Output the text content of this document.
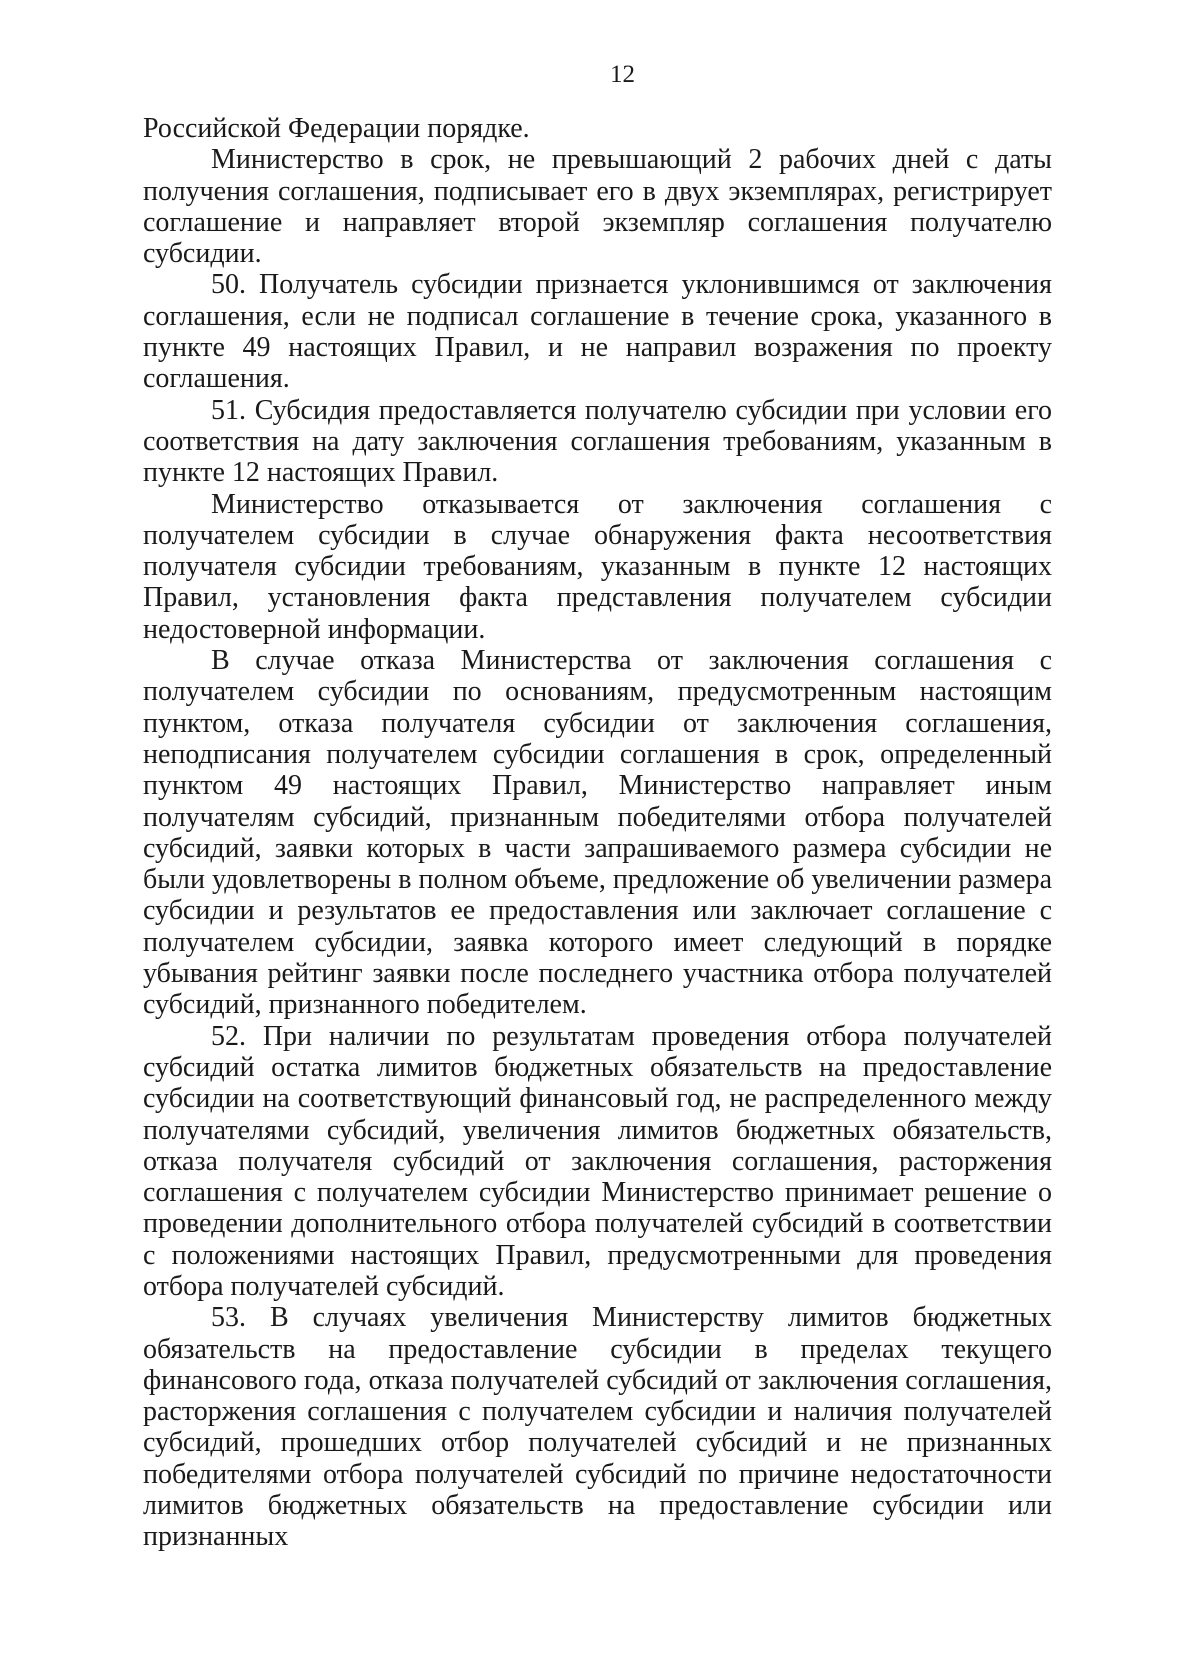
12

Российской Федерации порядке.

Министерство в срок, не превышающий 2 рабочих дней с даты получения соглашения, подписывает его в двух экземплярах, регистрирует соглашение и направляет второй экземпляр соглашения получателю субсидии.

50. Получатель субсидии признается уклонившимся от заключения соглашения, если не подписал соглашение в течение срока, указанного в пункте 49 настоящих Правил, и не направил возражения по проекту соглашения.

51. Субсидия предоставляется получателю субсидии при условии его соответствия на дату заключения соглашения требованиям, указанным в пункте 12 настоящих Правил.

Министерство отказывается от заключения соглашения с получателем субсидии в случае обнаружения факта несоответствия получателя субсидии требованиям, указанным в пункте 12 настоящих Правил, установления факта представления получателем субсидии недостоверной информации.

В случае отказа Министерства от заключения соглашения с получателем субсидии по основаниям, предусмотренным настоящим пунктом, отказа получателя субсидии от заключения соглашения, неподписания получателем субсидии соглашения в срок, определенный пунктом 49 настоящих Правил, Министерство направляет иным получателям субсидий, признанным победителями отбора получателей субсидий, заявки которых в части запрашиваемого размера субсидии не были удовлетворены в полном объеме, предложение об увеличении размера субсидии и результатов ее предоставления или заключает соглашение с получателем субсидии, заявка которого имеет следующий в порядке убывания рейтинг заявки после последнего участника отбора получателей субсидий, признанного победителем.

52. При наличии по результатам проведения отбора получателей субсидий остатка лимитов бюджетных обязательств на предоставление субсидии на соответствующий финансовый год, не распределенного между получателями субсидий, увеличения лимитов бюджетных обязательств, отказа получателя субсидий от заключения соглашения, расторжения соглашения с получателем субсидии Министерство принимает решение о проведении дополнительного отбора получателей субсидий в соответствии с положениями настоящих Правил, предусмотренными для проведения отбора получателей субсидий.

53. В случаях увеличения Министерству лимитов бюджетных обязательств на предоставление субсидии в пределах текущего финансового года, отказа получателей субсидий от заключения соглашения, расторжения соглашения с получателем субсидии и наличия получателей субсидий, прошедших отбор получателей субсидий и не признанных победителями отбора получателей субсидий по причине недостаточности лимитов бюджетных обязательств на предоставление субсидии или признанных
